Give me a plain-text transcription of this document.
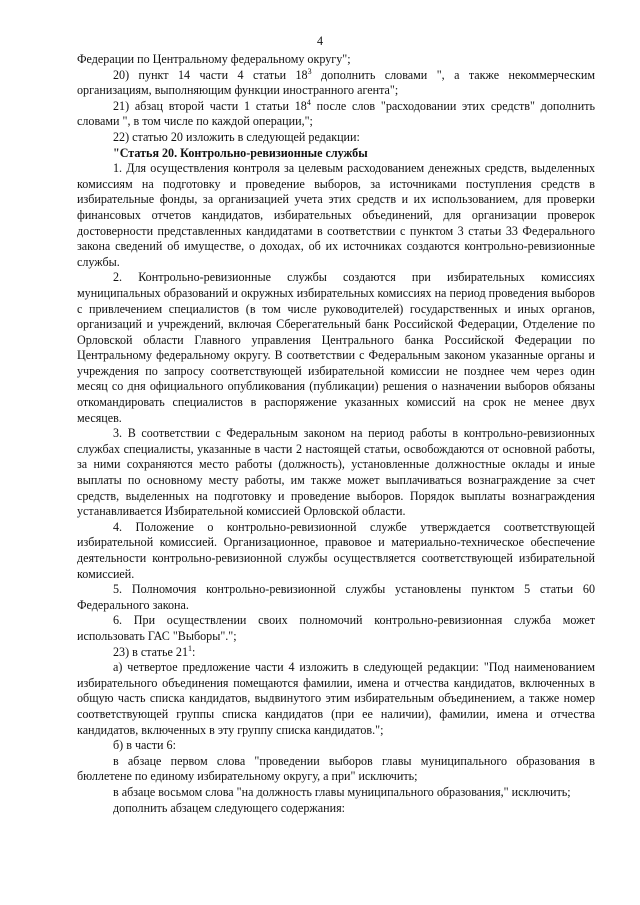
4

Федерации по Центральному федеральному округу";

20) пункт 14 части 4 статьи $18^3$ дополнить словами ", а также некоммерческим организациям, выполняющим функции иностранного агента";

21) абзац второй части 1 статьи $18^4$ после слов "расходовании этих средств" дополнить словами ", в том числе по каждой операции,";

22) статью 20 изложить в следующей редакции:

"Статья 20. Контрольно-ревизионные службы

1. Для осуществления контроля за целевым расходованием денежных средств, выделенных комиссиям на подготовку и проведение выборов, за источниками поступления средств в избирательные фонды, за организацией учета этих средств и их использованием, для проверки финансовых отчетов кандидатов, избирательных объединений, для организации проверок достоверности представленных кандидатами в соответствии с пунктом 3 статьи 33 Федерального закона сведений об имуществе, о доходах, об их источниках создаются контрольно-ревизионные службы.

2. Контрольно-ревизионные службы создаются при избирательных комиссиях муниципальных образований и окружных избирательных комиссиях на период проведения выборов с привлечением специалистов (в том числе руководителей) государственных и иных органов, организаций и учреждений, включая Сберегательный банк Российской Федерации, Отделение по Орловской области Главного управления Центрального банка Российской Федерации по Центральному федеральному округу. В соответствии с Федеральным законом указанные органы и учреждения по запросу соответствующей избирательной комиссии не позднее чем через один месяц со дня официального опубликования (публикации) решения о назначении выборов обязаны откомандировать специалистов в распоряжение указанных комиссий на срок не менее двух месяцев.

3. В соответствии с Федеральным законом на период работы в контрольно-ревизионных службах специалисты, указанные в части 2 настоящей статьи, освобождаются от основной работы, за ними сохраняются место работы (должность), установленные должностные оклады и иные выплаты по основному месту работы, им также может выплачиваться вознаграждение за счет средств, выделенных на подготовку и проведение выборов. Порядок выплаты вознаграждения устанавливается Избирательной комиссией Орловской области.

4. Положение о контрольно-ревизионной службе утверждается соответствующей избирательной комиссией. Организационное, правовое и материально-техническое обеспечение деятельности контрольно-ревизионной службы осуществляется соответствующей избирательной комиссией.

5. Полномочия контрольно-ревизионной службы установлены пунктом 5 статьи 60 Федерального закона.

6. При осуществлении своих полномочий контрольно-ревизионная служба может использовать ГАС "Выборы".";

23) в статье $21^1$:

а) четвертое предложение части 4 изложить в следующей редакции: "Под наименованием избирательного объединения помещаются фамилии, имена и отчества кандидатов, включенных в общую часть списка кандидатов, выдвинутого этим избирательным объединением, а также номер соответствующей группы списка кандидатов (при ее наличии), фамилии, имена и отчества кандидатов, включенных в эту группу списка кандидатов.";

б) в части 6:

в абзаце первом слова "проведении выборов главы муниципального образования в бюллетене по единому избирательному округу, а при" исключить;

в абзаце восьмом слова "на должность главы муниципального образования," исключить;

дополнить абзацем следующего содержания:
